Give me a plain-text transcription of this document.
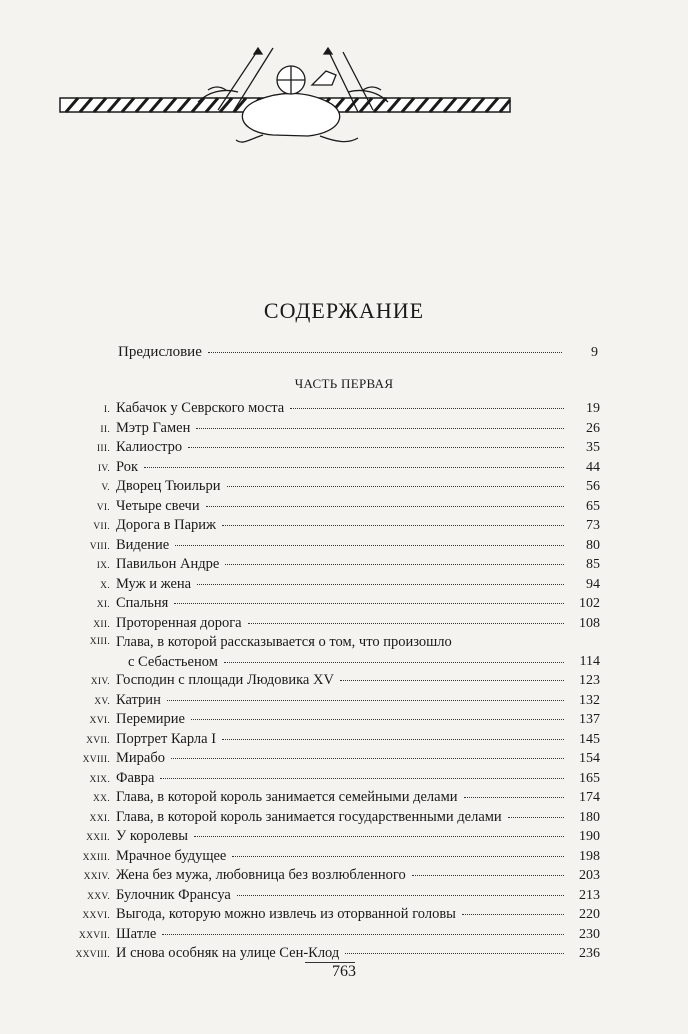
СОДЕРЖАНИЕ
Предисловие	9
ЧАСТЬ ПЕРВАЯ
I. Кабачок у Севрского моста	19
II. Мэтр Гамен	26
III. Калиостро	35
IV. Рок	44
V. Дворец Тюильри	56
VI. Четыре свечи	65
VII. Дорога в Париж	73
VIII. Видение	80
IX. Павильон Андре	85
X. Муж и жена	94
XI. Спальня	102
XII. Проторенная дорога	108
XIII. Глава, в которой рассказывается о том, что произошло
с Себастьеном	114
XIV. Господин с площади Людовика XV	123
XV. Катрин	132
XVI. Перемирие	137
XVII. Портрет Карла I	145
XVIII. Мирабо	154
XIX. Фавра	165
XX. Глава, в которой король занимается семейными делами	174
XXI. Глава, в которой король занимается государственными делами	180
XXII. У королевы	190
XXIII. Мрачное будущее	198
XXIV. Жена без мужа, любовница без возлюбленного	203
XXV. Булочник Франсуа	213
XXVI. Выгода, которую можно извлечь из оторванной головы	220
XXVII. Шатле	230
XXVIII. И снова особняк на улице Сен-Клод	236
763
